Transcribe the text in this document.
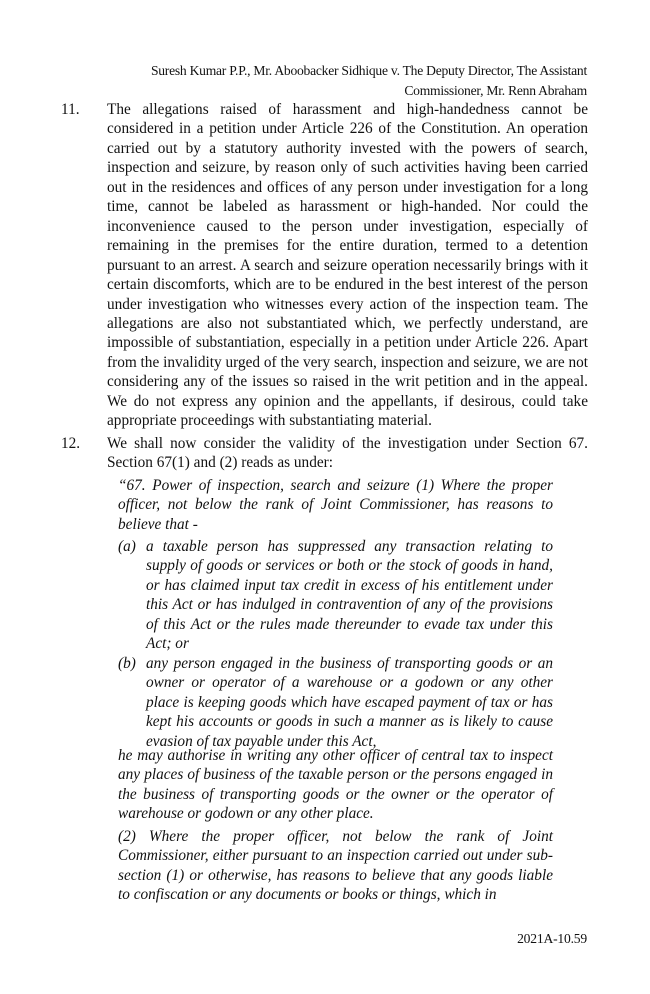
Suresh Kumar P.P., Mr. Aboobacker Sidhique v. The Deputy Director, The Assistant
Commissioner, Mr. Renn Abraham
11. The allegations raised of harassment and high-handedness cannot be considered in a petition under Article 226 of the Constitution. An operation carried out by a statutory authority invested with the powers of search, inspection and seizure, by reason only of such activities having been carried out in the residences and offices of any person under investigation for a long time, cannot be labeled as harassment or high-handed. Nor could the inconvenience caused to the person under investigation, especially of remaining in the premises for the entire duration, termed to a detention pursuant to an arrest. A search and seizure operation necessarily brings with it certain discomforts, which are to be endured in the best interest of the person under investigation who witnesses every action of the inspection team. The allegations are also not substantiated which, we perfectly understand, are impossible of substantiation, especially in a petition under Article 226. Apart from the invalidity urged of the very search, inspection and seizure, we are not considering any of the issues so raised in the writ petition and in the appeal. We do not express any opinion and the appellants, if desirous, could take appropriate proceedings with substantiating material.

12. We shall now consider the validity of the investigation under Section 67. Section 67(1) and (2) reads as under:

“67. Power of inspection, search and seizure (1) Where the proper officer, not below the rank of Joint Commissioner, has reasons to believe that -

(a) a taxable person has suppressed any transaction relating to supply of goods or services or both or the stock of goods in hand, or has claimed input tax credit in excess of his entitlement under this Act or has indulged in contravention of any of the provisions of this Act or the rules made thereunder to evade tax under this Act; or
(b) any person engaged in the business of transporting goods or an owner or operator of a warehouse or a godown or any other place is keeping goods which have escaped payment of tax or has kept his accounts or goods in such a manner as is likely to cause evasion of tax payable under this Act,

he may authorise in writing any other officer of central tax to inspect any places of business of the taxable person or the persons engaged in the business of transporting goods or the owner or the operator of warehouse or godown or any other place.

(2) Where the proper officer, not below the rank of Joint Commissioner, either pursuant to an inspection carried out under sub-section (1) or otherwise, has reasons to believe that any goods liable to confiscation or any documents or books or things, which in

2021A-10.59
